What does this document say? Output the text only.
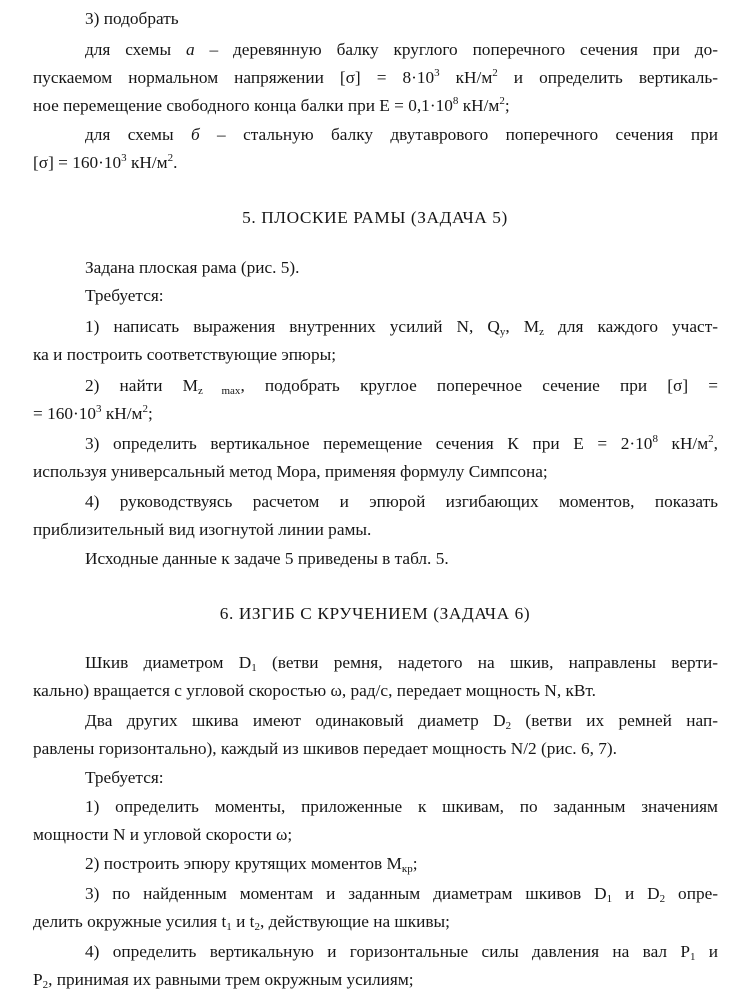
3) подобрать
для схемы а – деревянную балку круглого поперечного сечения при до-
пускаемом нормальном напряжении $[\sigma] = 8\cdot 10^3$ $кН/м^2$ и определить вертикаль-
ное перемещение свободного конца балки при $E = 0,1\cdot 10^8$ $кН/м^2$;
для схемы б – стальную балку двутаврового поперечного сечения при
$[\sigma] = 160\cdot 10^3$ $кН/м^2$.
5. ПЛОСКИЕ РАМЫ (ЗАДАЧА 5)
Задана плоская рама (рис. 5).
Требуется:
1) написать выражения внутренних усилий N, $Q_y$, $M_z$ для каждого участ-
ка и построить соответствующие эпюры;
2) найти $M_{z max}$, подобрать круглое поперечное сечение при [σ] =
= $160\cdot 10^3$ $кН/м^2$;
3) определить вертикальное перемещение сечения К при $E = 2\cdot 10^8$ $кН/м^2$,
используя универсальный метод Мора, применяя формулу Симпсона;
4) руководствуясь расчетом и эпюрой изгибающих моментов, показать
приблизительный вид изогнутой линии рамы.
Исходные данные к задаче 5 приведены в табл. 5.
6. ИЗГИБ С КРУЧЕНИЕМ (ЗАДАЧА 6)
Шкив диаметром $D_1$ (ветви ремня, надетого на шкив, направлены верти-
кально) вращается с угловой скоростью ω, рад/с, передает мощность N, кВт.
Два других шкива имеют одинаковый диаметр $D_2$ (ветви их ремней нап-
равлены горизонтально), каждый из шкивов передает мощность N/2 (рис. 6, 7).
Требуется:
1) определить моменты, приложенные к шкивам, по заданным значениям
мощности N и угловой скорости ω;
2) построить эпюру крутящих моментов $M_{кр}$;
3) по найденным моментам и заданным диаметрам шкивов $D_1$ и $D_2$ опре-
делить окружные усилия $t_1$ и $t_2$, действующие на шкивы;
4) определить вертикальную и горизонтальные силы давления на вал $P_1$ и
$P_2$, принимая их равными трем окружным усилиям;
